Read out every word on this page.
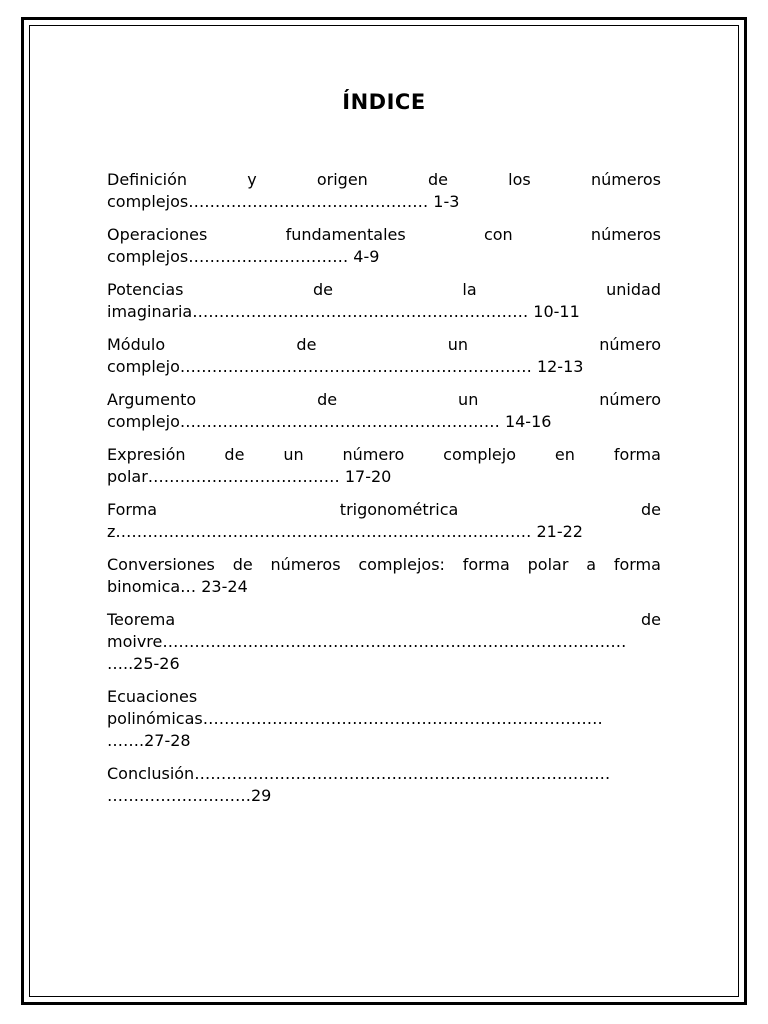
ÍNDICE
Definición	y	origen	de	los	números
complejos……………………………………… 1-3
Operaciones	fundamentales	con	números
complejos………………………… 4-9
Potencias	de	la	unidad
imaginaria……………………………………………………… 10-11
Módulo	de	un	número
complejo………………………………………………………… 12-13
Argumento	de	un	número
complejo…………………………………………………… 14-16
Expresión de un número complejo en forma
polar……………………………… 17-20
Forma	trigonométrica	de
z…………………………………………………………………… 21-22
Conversiones de números complejos: forma polar a forma
binomica… 23-24
Teorema	de
moivre……………………………………………………………………………
…..25-26
Ecuaciones
polinómicas…………………………………………………………………
…….27-28
Conclusión……………………………………………………………………
………………………29
